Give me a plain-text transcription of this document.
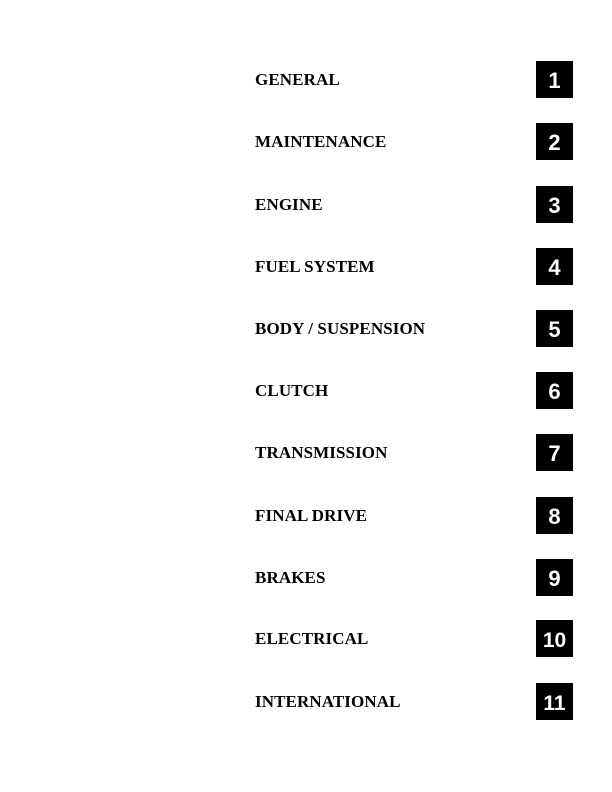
GENERAL	1
MAINTENANCE	2
ENGINE	3
FUEL SYSTEM	4
BODY / SUSPENSION	5
CLUTCH	6
TRANSMISSION	7
FINAL DRIVE	8
BRAKES	9
ELECTRICAL	10
INTERNATIONAL	11
